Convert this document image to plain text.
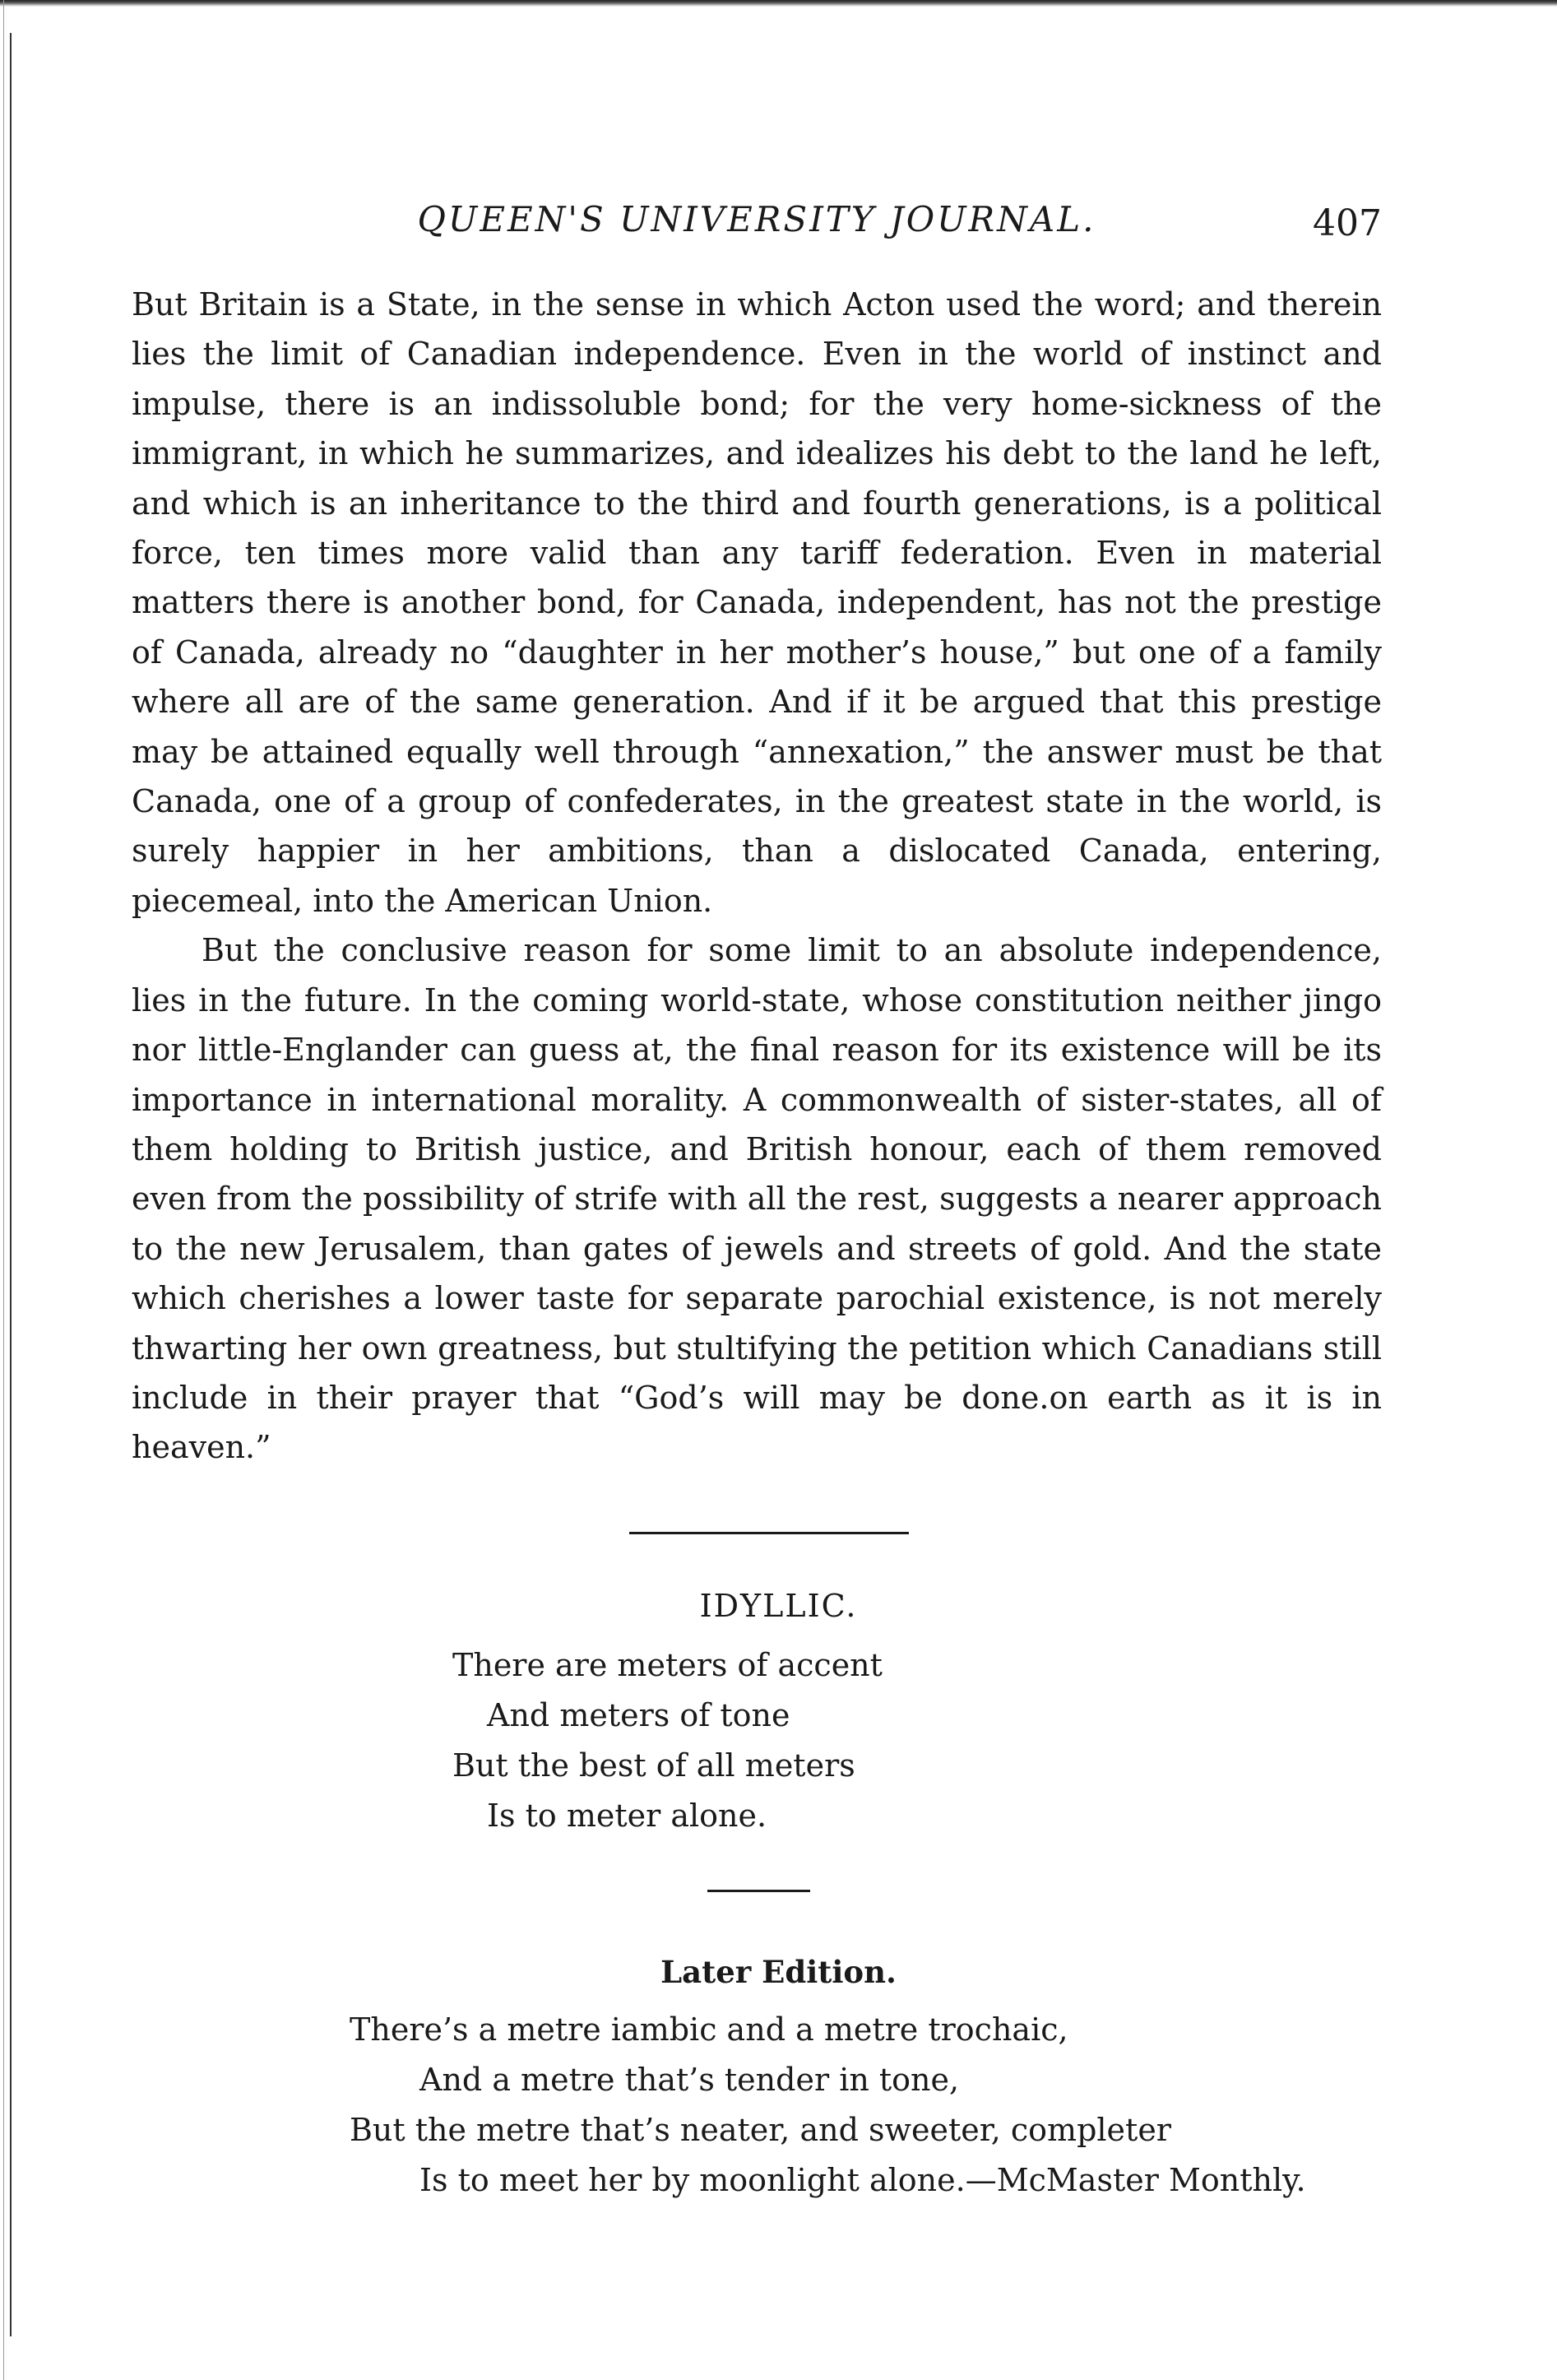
QUEEN'S UNIVERSITY JOURNAL.	407

But Britain is a State, in the sense in which Acton used the word; and therein lies the limit of Canadian independence. Even in the world of instinct and impulse, there is an indissoluble bond; for the very home-sickness of the immigrant, in which he summarizes, and idealizes his debt to the land he left, and which is an inheritance to the third and fourth generations, is a political force, ten times more valid than any tariff federation. Even in material matters there is another bond, for Canada, independent, has not the prestige of Canada, already no “daughter in her mother’s house,” but one of a family where all are of the same generation. And if it be argued that this prestige may be attained equally well through “annexation,” the answer must be that Canada, one of a group of confederates, in the greatest state in the world, is surely happier in her ambitions, than a dislocated Canada, entering, piecemeal, into the American Union.

But the conclusive reason for some limit to an absolute independence, lies in the future. In the coming world-state, whose constitution neither jingo nor little-Englander can guess at, the final reason for its existence will be its importance in international morality. A commonwealth of sister-states, all of them holding to British justice, and British honour, each of them removed even from the possibility of strife with all the rest, suggests a nearer approach to the new Jerusalem, than gates of jewels and streets of gold. And the state which cherishes a lower taste for separate parochial existence, is not merely thwarting her own greatness, but stultifying the petition which Canadians still include in their prayer that “God’s will may be done.on earth as it is in heaven.”

IDYLLIC.
There are meters of accent
And meters of tone
But the best of all meters
Is to meter alone.
Later Edition.
There’s a metre iambic and a metre trochaic,
And a metre that’s tender in tone,
But the metre that’s neater, and sweeter, completer
Is to meet her by moonlight alone.—McMaster Monthly.
